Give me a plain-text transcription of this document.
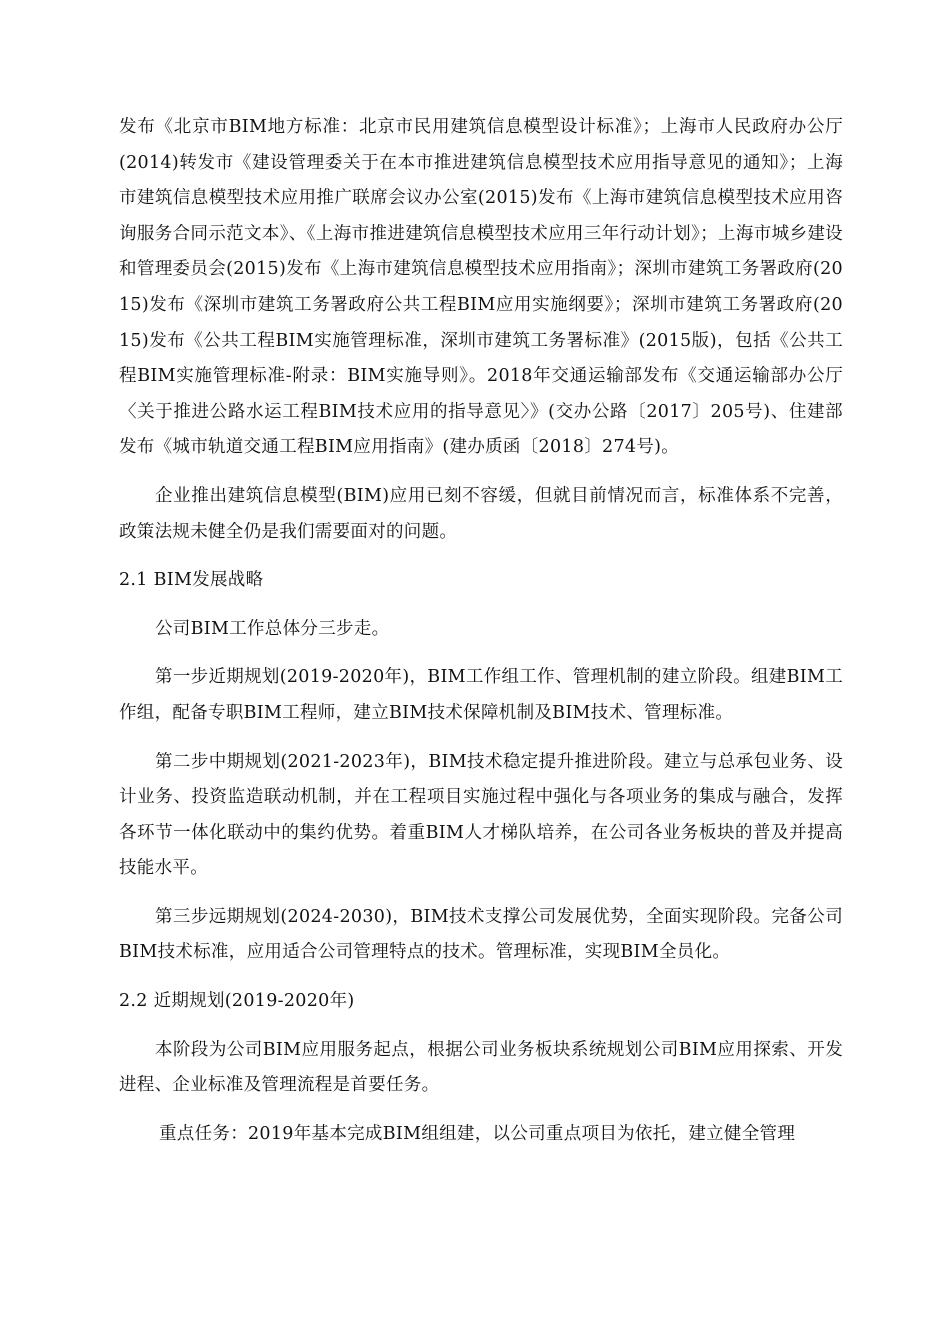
发布《北京市BIM地方标准：北京市民用建筑信息模型设计标准》；上海市人民政府办公厅(2014)转发市《建设管理委关于在本市推进建筑信息模型技术应用指导意见的通知》；上海市建筑信息模型技术应用推广联席会议办公室(2015)发布《上海市建筑信息模型技术应用咨询服务合同示范文本》、《上海市推进建筑信息模型技术应用三年行动计划》；上海市城乡建设和管理委员会(2015)发布《上海市建筑信息模型技术应用指南》；深圳市建筑工务署政府(2015)发布《深圳市建筑工务署政府公共工程BIM应用实施纲要》；深圳市建筑工务署政府(2015)发布《公共工程BIM实施管理标准，深圳市建筑工务署标准》(2015版)，包括《公共工程BIM实施管理标准-附录：BIM实施导则》。2018年交通运输部发布《交通运输部办公厅〈关于推进公路水运工程BIM技术应用的指导意见〉》(交办公路〔2017〕205号)、住建部发布《城市轨道交通工程BIM应用指南》(建办质函〔2018〕274号)。

企业推出建筑信息模型(BIM)应用已刻不容缓，但就目前情况而言，标准体系不完善，政策法规未健全仍是我们需要面对的问题。

2.1 BIM发展战略

公司BIM工作总体分三步走。

第一步近期规划(2019-2020年)，BIM工作组工作、管理机制的建立阶段。组建BIM工作组，配备专职BIM工程师，建立BIM技术保障机制及BIM技术、管理标准。

第二步中期规划(2021-2023年)，BIM技术稳定提升推进阶段。建立与总承包业务、设计业务、投资监造联动机制，并在工程项目实施过程中强化与各项业务的集成与融合，发挥各环节一体化联动中的集约优势。着重BIM人才梯队培养，在公司各业务板块的普及并提高技能水平。

第三步远期规划(2024-2030)，BIM技术支撑公司发展优势，全面实现阶段。完备公司BIM技术标准，应用适合公司管理特点的技术。管理标准，实现BIM全员化。

2.2 近期规划(2019-2020年)

本阶段为公司BIM应用服务起点，根据公司业务板块系统规划公司BIM应用探索、开发进程、企业标准及管理流程是首要任务。

重点任务：2019年基本完成BIM组组建，以公司重点项目为依托，建立健全管理
